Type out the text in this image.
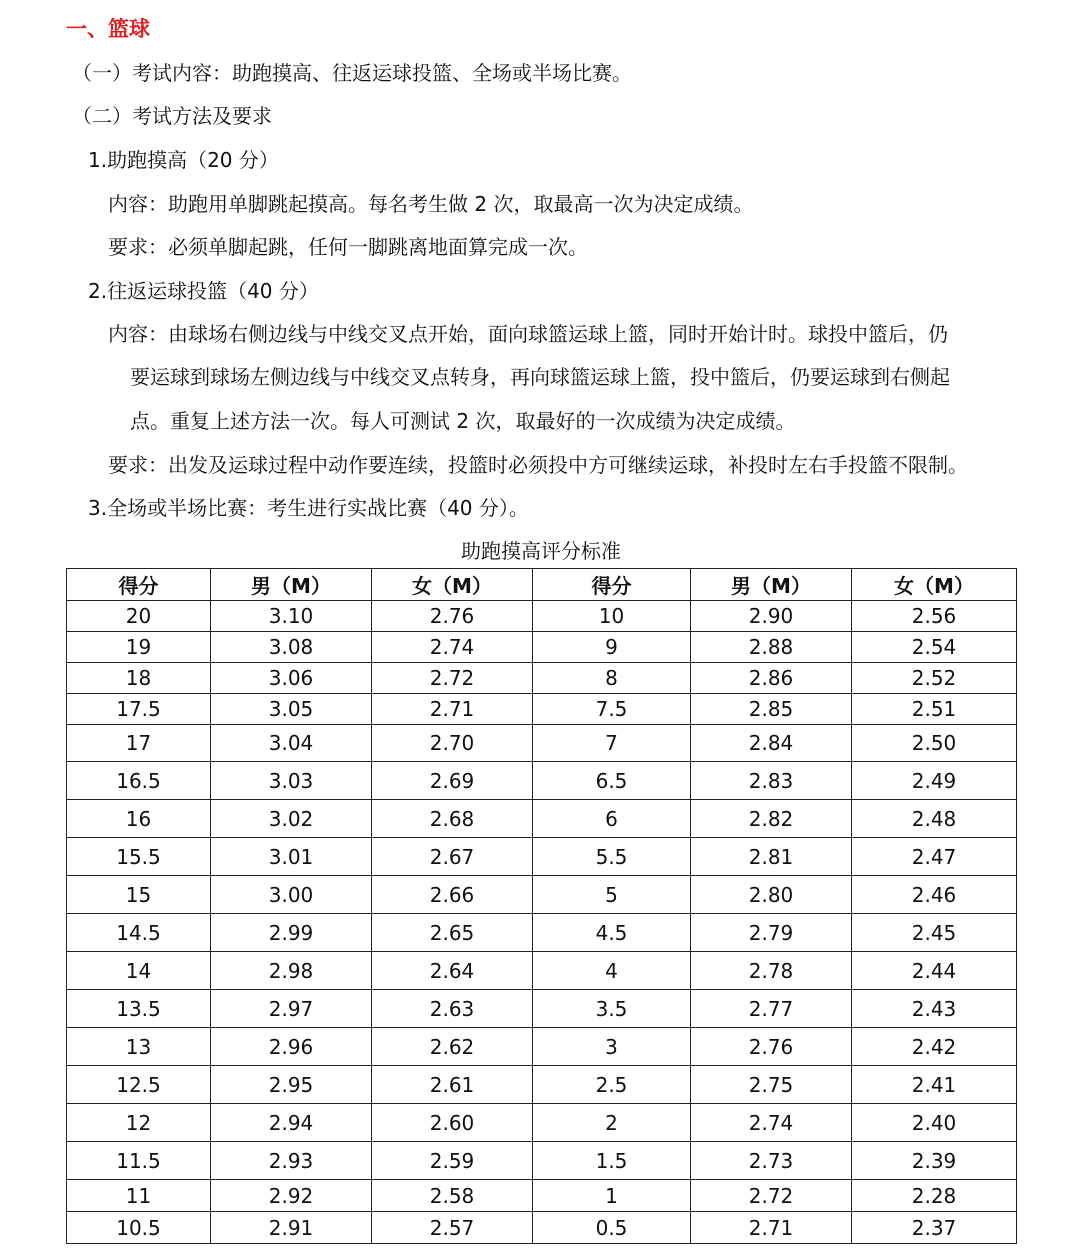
一、篮球
（一）考试内容：助跑摸高、往返运球投篮、全场或半场比赛。
（二）考试方法及要求
1.助跑摸高（20 分）
内容：助跑用单脚跳起摸高。每名考生做 2 次，取最高一次为决定成绩。
要求：必须单脚起跳，任何一脚跳离地面算完成一次。
2.往返运球投篮（40 分）
内容：由球场右侧边线与中线交叉点开始，面向球篮运球上篮，同时开始计时。球投中篮后，仍
要运球到球场左侧边线与中线交叉点转身，再向球篮运球上篮，投中篮后，仍要运球到右侧起
点。重复上述方法一次。每人可测试 2 次，取最好的一次成绩为决定成绩。
要求：出发及运球过程中动作要连续，投篮时必须投中方可继续运球，补投时左右手投篮不限制。
3.全场或半场比赛：考生进行实战比赛（40 分）。
助跑摸高评分标准
得分	男（M）	女（M）	得分	男（M）	女（M）
20	3.10	2.76	10	2.90	2.56
19	3.08	2.74	9	2.88	2.54
18	3.06	2.72	8	2.86	2.52
17.5	3.05	2.71	7.5	2.85	2.51
17	3.04	2.70	7	2.84	2.50
16.5	3.03	2.69	6.5	2.83	2.49
16	3.02	2.68	6	2.82	2.48
15.5	3.01	2.67	5.5	2.81	2.47
15	3.00	2.66	5	2.80	2.46
14.5	2.99	2.65	4.5	2.79	2.45
14	2.98	2.64	4	2.78	2.44
13.5	2.97	2.63	3.5	2.77	2.43
13	2.96	2.62	3	2.76	2.42
12.5	2.95	2.61	2.5	2.75	2.41
12	2.94	2.60	2	2.74	2.40
11.5	2.93	2.59	1.5	2.73	2.39
11	2.92	2.58	1	2.72	2.28
10.5	2.91	2.57	0.5	2.71	2.37
